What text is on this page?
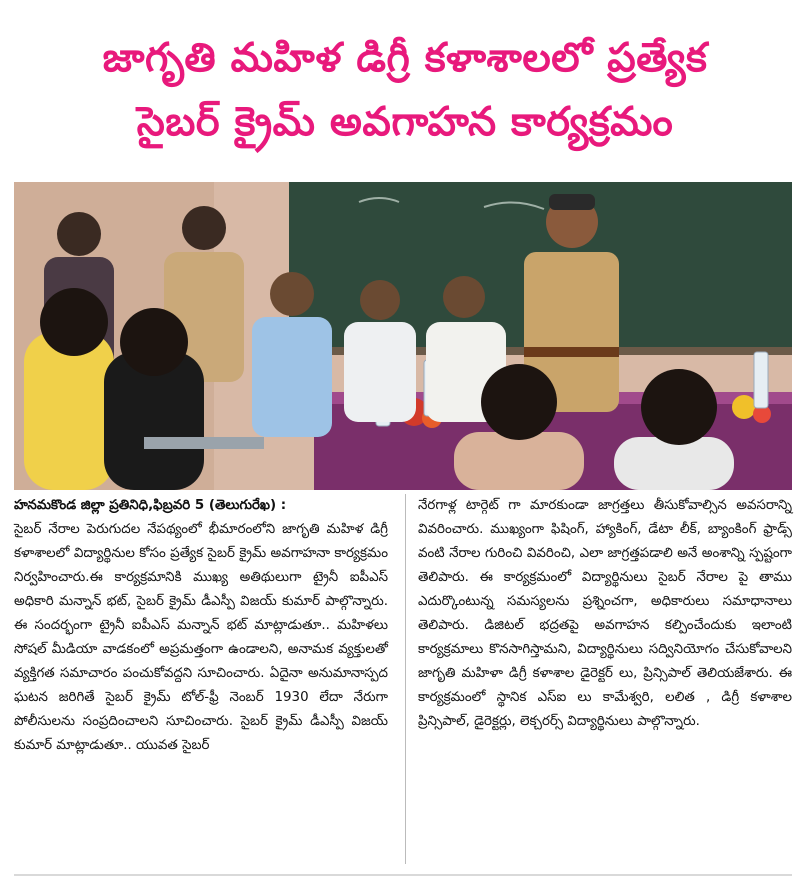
జాగృతి మహిళ డిగ్రీ కళాశాలలో ప్రత్యేక
సైబర్ క్రైమ్ అవగాహన కార్యక్రమం

హనమకొండ జిల్లా ప్రతినిధి,ఫిబ్రవరి 5 (తెలుగురేఖ) :

సైబర్ నేరాల పెరుగుదల నేపథ్యంలో భీమారంలోని జాగృతి మహిళ డిగ్రీ కళాశాలలో విద్యార్థినుల కోసం ప్రత్యేక సైబర్ క్రైమ్ అవగాహనా కార్యక్రమం నిర్వహించారు.ఈ కార్యక్రమానికి ముఖ్య అతిథులుగా ట్రైనీ ఐపీఎస్ అధికారి మన్నాన్ భట్, సైబర్ క్రైమ్ డీఎస్పీ విజయ్ కుమార్ పాల్గొన్నారు. ఈ సందర్భంగా ట్రైనీ ఐపీఎస్ మన్నాన్ భట్ మాట్లాడుతూ.. మహిళలు సోషల్ మీడియా వాడకంలో అప్రమత్తంగా ఉండాలని, అనామక వ్యక్తులతో వ్యక్తిగత సమాచారం పంచుకోవద్దని సూచించారు. ఏదైనా అనుమానాస్పద ఘటన జరిగితే సైబర్ క్రైమ్ టోల్-ఫ్రీ నెంబర్ 1930 లేదా నేరుగా పోలీసులను సంప్రదించాలని సూచించారు. సైబర్ క్రైమ్ డీఎస్పీ విజయ్ కుమార్ మాట్లాడుతూ.. యువత సైబర్

నేరగాళ్ల టార్గెట్ గా మారకుండా జాగ్రత్తలు తీసుకోవాల్సిన అవసరాన్ని వివరించారు. ముఖ్యంగా ఫిషింగ్, హ్యాకింగ్, డేటా లీక్, బ్యాంకింగ్ ఫ్రాడ్స్ వంటి నేరాల గురించి వివరించి, ఎలా జాగ్రత్తపడాలి అనే అంశాన్ని స్పష్టంగా తెలిపారు. ఈ కార్యక్రమంలో విద్యార్థినులు సైబర్ నేరాల పై తాము ఎదుర్కొంటున్న సమస్యలను ప్రశ్నించగా, అధికారులు సమాధానాలు తెలిపారు. డిజిటల్ భద్రతపై అవగాహన కల్పించేందుకు ఇలాంటి కార్యక్రమాలు కొనసాగిస్తామని, విద్యార్థినులు సద్వినియోగం చేసుకోవాలని జాగృతి మహిళా డిగ్రీ కళాశాల డైరెక్టర్ లు, ప్రిన్సిపాల్ తెలియజేశారు. ఈ కార్యక్రమంలో స్థానిక ఎస్ఐ లు కామేశ్వరి, లలిత , డిగ్రీ కళాశాల ప్రిన్సిపాల్, డైరెక్టర్లు, లెక్చరర్స్ విద్యార్థినులు పాల్గొన్నారు.
